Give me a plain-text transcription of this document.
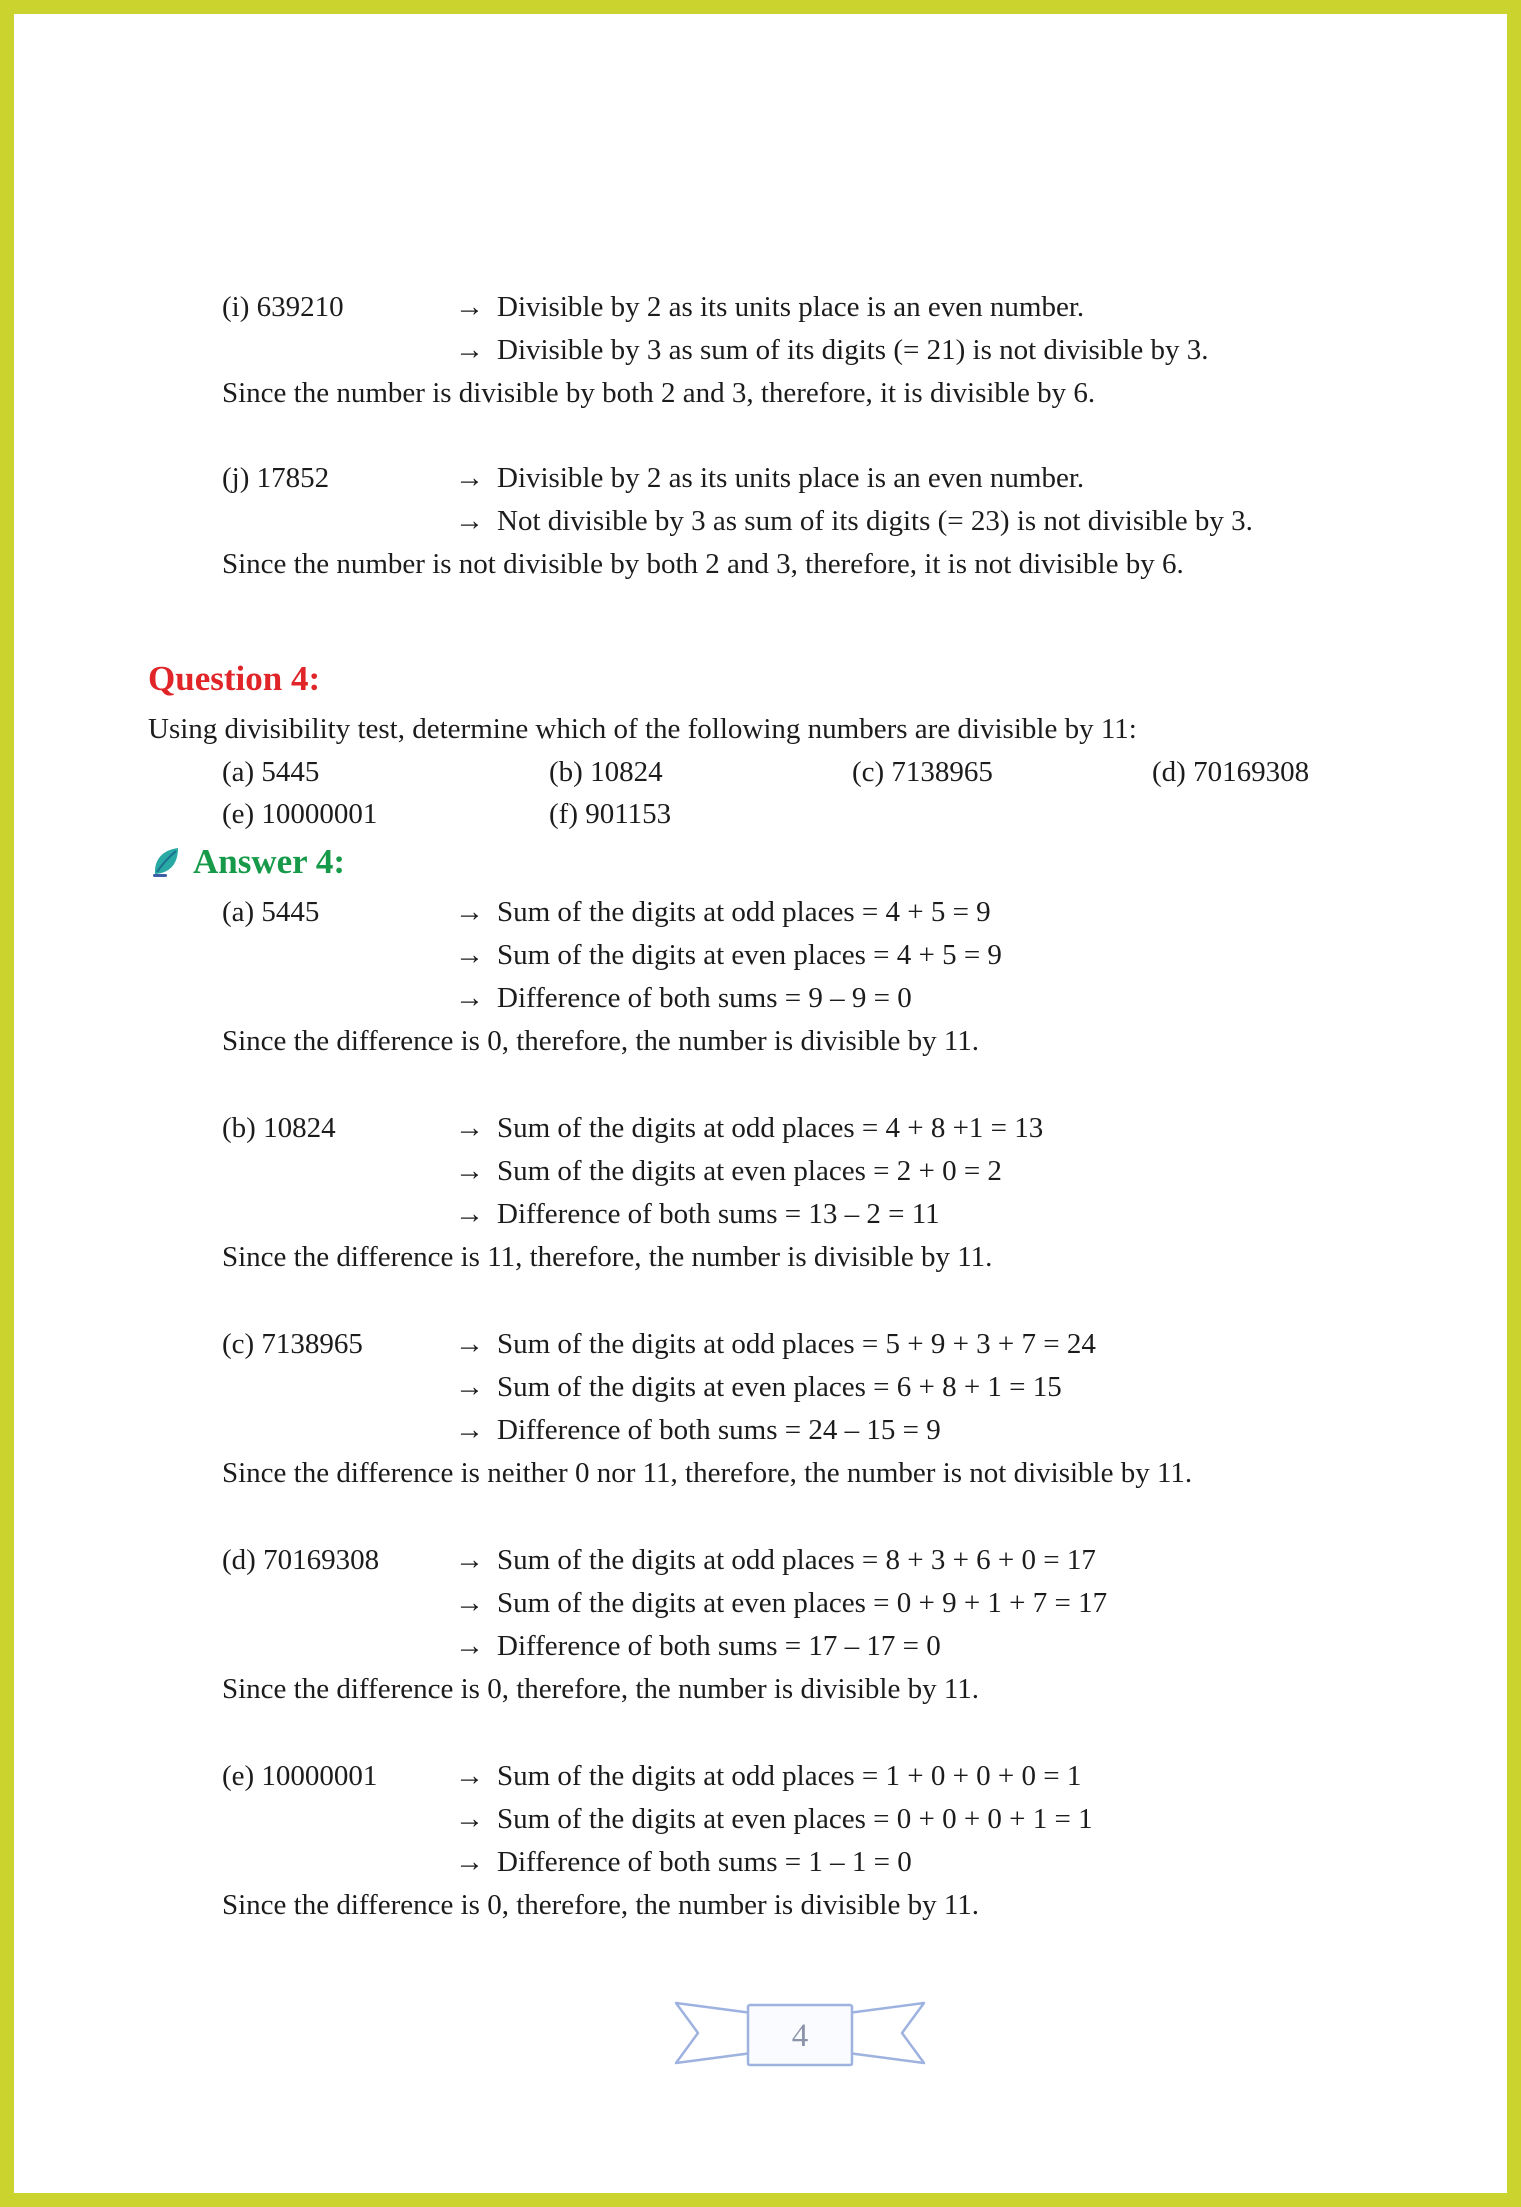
(i) 639210	→ Divisible by 2 as its units place is an even number.
→ Divisible by 3 as sum of its digits (= 21) is not divisible by 3.
Since the number is divisible by both 2 and 3, therefore, it is divisible by 6.
(j) 17852	→ Divisible by 2 as its units place is an even number.
→ Not divisible by 3 as sum of its digits (= 23) is not divisible by 3.
Since the number is not divisible by both 2 and 3, therefore, it is not divisible by 6.
Question 4:

Using divisibility test, determine which of the following numbers are divisible by 11:

(a) 5445	(b) 10824	(c) 7138965	(d) 70169308
(e) 10000001	(f) 901153
Answer 4:
(a) 5445	→ Sum of the digits at odd places = 4 + 5 = 9
→ Sum of the digits at even places = 4 + 5 = 9
→ Difference of both sums = 9 – 9 = 0
Since the difference is 0, therefore, the number is divisible by 11.
(b) 10824	→ Sum of the digits at odd places = 4 + 8 +1 = 13
→ Sum of the digits at even places = 2 + 0 = 2
→ Difference of both sums = 13 – 2 = 11
Since the difference is 11, therefore, the number is divisible by 11.
(c) 7138965	→ Sum of the digits at odd places = 5 + 9 + 3 + 7 = 24
→ Sum of the digits at even places = 6 + 8 + 1 = 15
→ Difference of both sums = 24 – 15 = 9
Since the difference is neither 0 nor 11, therefore, the number is not divisible by 11.
(d) 70169308	→ Sum of the digits at odd places = 8 + 3 + 6 + 0 = 17
→ Sum of the digits at even places = 0 + 9 + 1 + 7 = 17
→ Difference of both sums = 17 – 17 = 0
Since the difference is 0, therefore, the number is divisible by 11.
(e) 10000001	→ Sum of the digits at odd places = 1 + 0 + 0 + 0 = 1
→ Sum of the digits at even places = 0 + 0 + 0 + 1 = 1
→ Difference of both sums = 1 – 1 = 0
Since the difference is 0, therefore, the number is divisible by 11.
4
